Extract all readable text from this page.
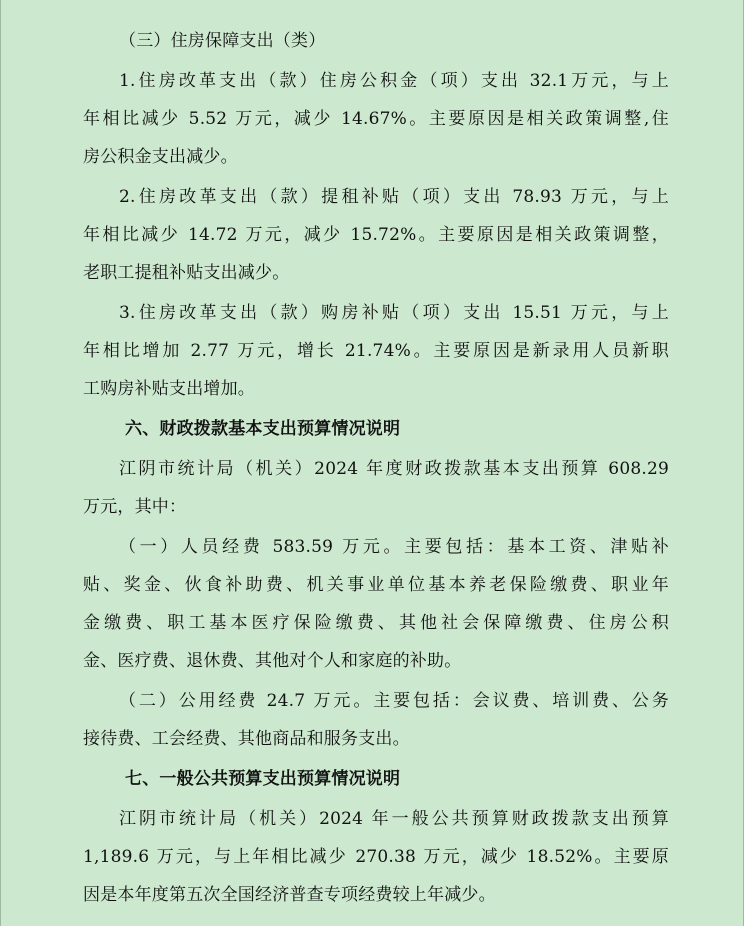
（三）住房保障支出（类）
1.住房改革支出（款）住房公积金（项）支出 32.1万元，与上
年相比减少 5.52 万元，减少 14.67%。主要原因是相关政策调整,住
房公积金支出减少。
2.住房改革支出（款）提租补贴（项）支出 78.93 万元，与上
年相比减少 14.72 万元，减少 15.72%。主要原因是相关政策调整，
老职工提租补贴支出减少。
3.住房改革支出（款）购房补贴（项）支出 15.51 万元，与上
年相比增加 2.77 万元，增长 21.74%。主要原因是新录用人员新职
工购房补贴支出增加。
六、财政拨款基本支出预算情况说明
江阴市统计局（机关）2024 年度财政拨款基本支出预算 608.29
万元，其中：
（一）人员经费 583.59 万元。主要包括：基本工资、津贴补
贴、奖金、伙食补助费、机关事业单位基本养老保险缴费、职业年
金缴费、职工基本医疗保险缴费、其他社会保障缴费、住房公积
金、医疗费、退休费、其他对个人和家庭的补助。
（二）公用经费 24.7 万元。主要包括：会议费、培训费、公务
接待费、工会经费、其他商品和服务支出。
七、一般公共预算支出预算情况说明
江阴市统计局（机关）2024 年一般公共预算财政拨款支出预算
1,189.6 万元，与上年相比减少 270.38 万元，减少 18.52%。主要原
因是本年度第五次全国经济普查专项经费较上年减少。
